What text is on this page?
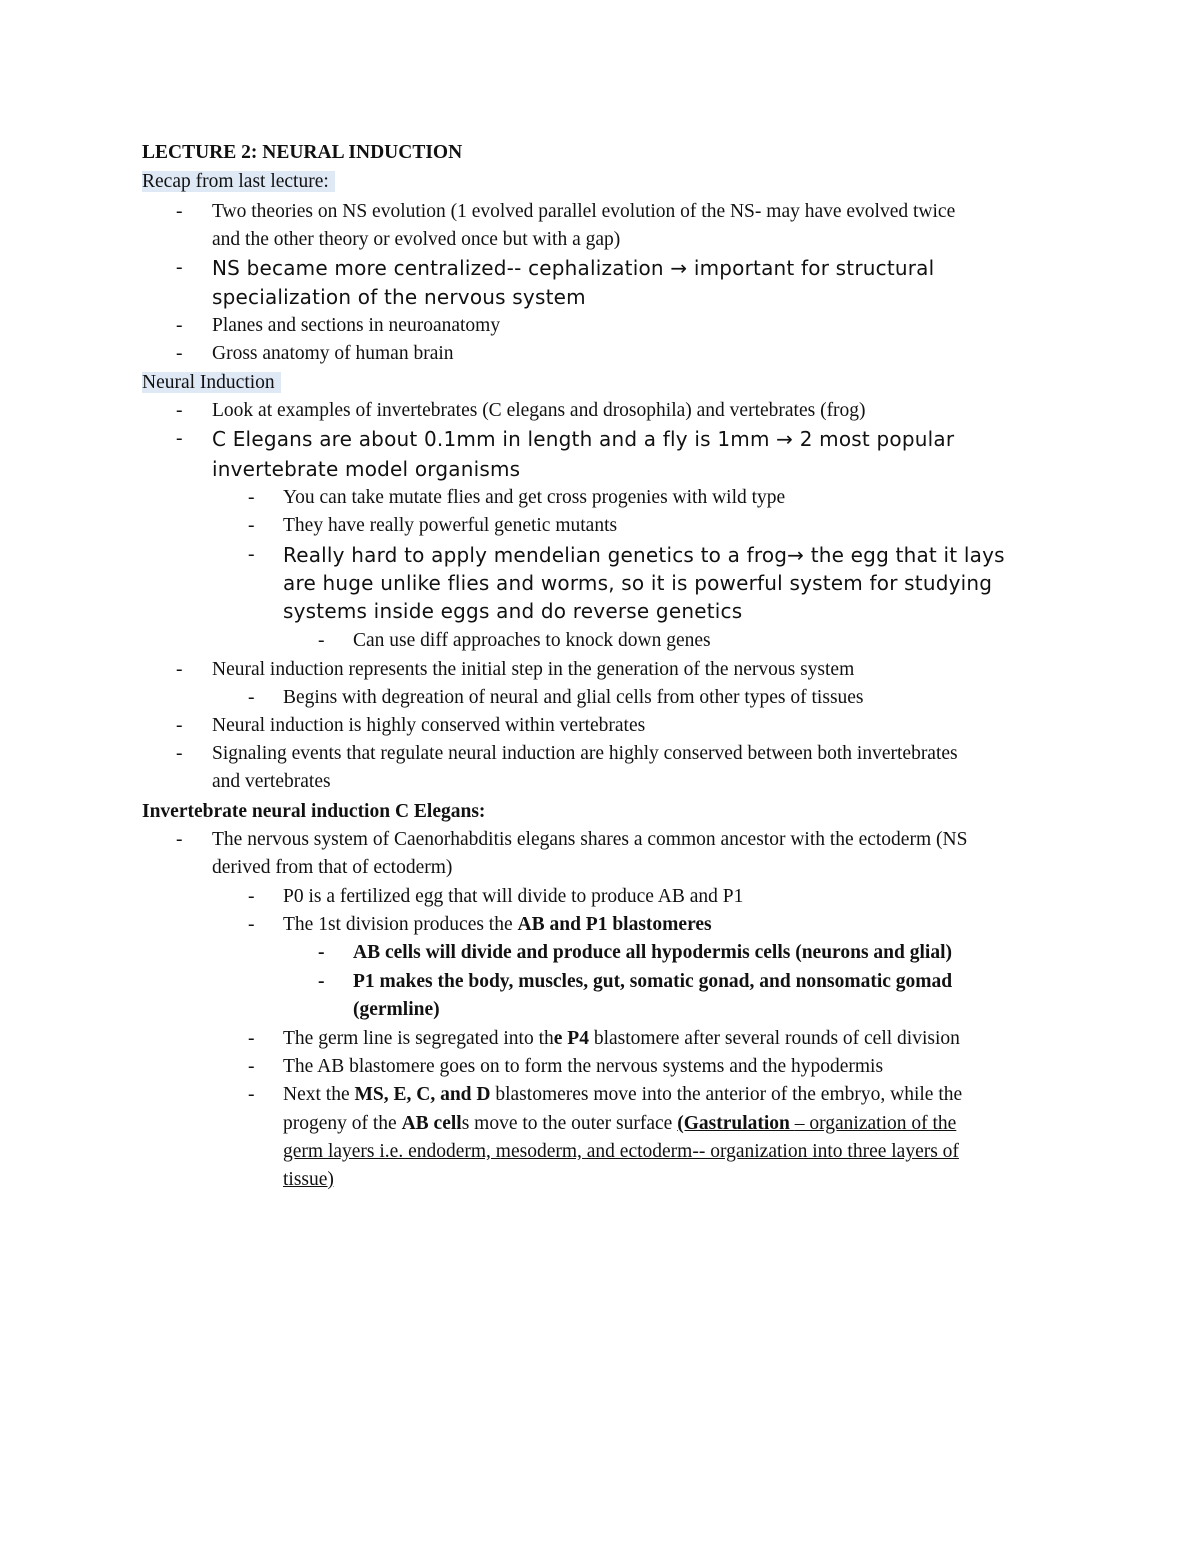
LECTURE 2: NEURAL INDUCTION
Recap from last lecture:
- Two theories on NS evolution (1 evolved parallel evolution of the NS- may have evolved twice
and the other theory or evolved once but with a gap)
- NS became more centralized-- cephalization → important for structural
specialization of the nervous system
- Planes and sections in neuroanatomy
- Gross anatomy of human brain
Neural Induction
- Look at examples of invertebrates (C elegans and drosophila) and vertebrates (frog)
- C Elegans are about 0.1mm in length and a fly is 1mm → 2 most popular
invertebrate model organisms
- You can take mutate flies and get cross progenies with wild type
- They have really powerful genetic mutants
- Really hard to apply mendelian genetics to a frog→ the egg that it lays
are huge unlike flies and worms, so it is powerful system for studying
systems inside eggs and do reverse genetics
- Can use diff approaches to knock down genes
- Neural induction represents the initial step in the generation of the nervous system
- Begins with degreation of neural and glial cells from other types of tissues
- Neural induction is highly conserved within vertebrates
- Signaling events that regulate neural induction are highly conserved between both invertebrates
and vertebrates
Invertebrate neural induction C Elegans:
- The nervous system of Caenorhabditis elegans shares a common ancestor with the ectoderm (NS
derived from that of ectoderm)
- P0 is a fertilized egg that will divide to produce AB and P1
- The 1st division produces the AB and P1 blastomeres
- AB cells will divide and produce all hypodermis cells (neurons and glial)
- P1 makes the body, muscles, gut, somatic gonad, and nonsomatic gomad
(germline)
- The germ line is segregated into the P4 blastomere after several rounds of cell division
- The AB blastomere goes on to form the nervous systems and the hypodermis
- Next the MS, E, C, and D blastomeres move into the anterior of the embryo, while the
progeny of the AB cells move to the outer surface (Gastrulation – organization of the
germ layers i.e. endoderm, mesoderm, and ectoderm-- organization into three layers of
tissue)
